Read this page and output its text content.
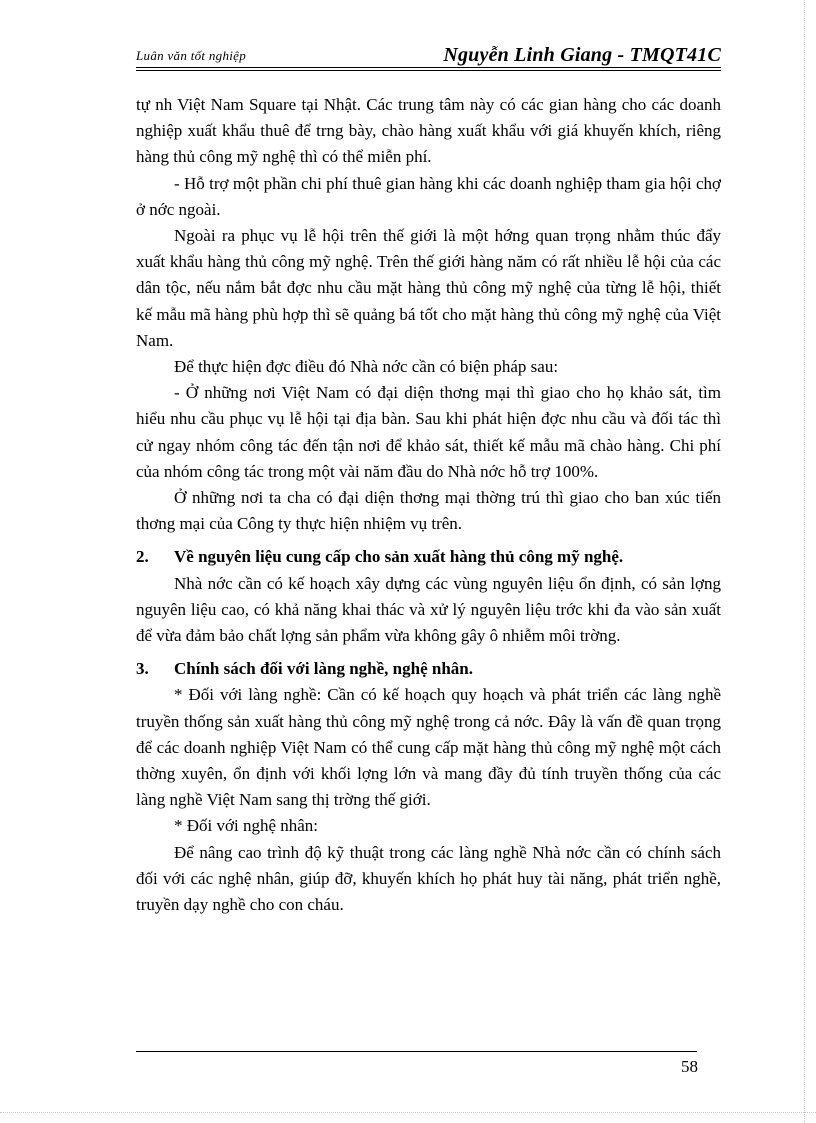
Luân văn tốt nghiệp	Nguyễn Linh Giang - TMQT41C

tự nh Việt Nam Square tại Nhật. Các trung tâm này có các gian hàng cho các doanh nghiệp xuất khẩu thuê để trng bày, chào hàng xuất khẩu với giá khuyến khích, riêng hàng thủ công mỹ nghệ thì có thể miễn phí.

- Hỗ trợ một phần chi phí thuê gian hàng khi các doanh nghiệp tham gia hội chợ ở nớc ngoài.

Ngoài ra phục vụ lễ hội trên thế giới là một hớng quan trọng nhằm thúc đẩy xuất khẩu hàng thủ công mỹ nghệ. Trên thế giới hàng năm có rất nhiều lễ hội của các dân tộc, nếu nắm bắt đợc nhu cầu mặt hàng thủ công mỹ nghệ của từng lễ hội, thiết kế mẫu mã hàng phù hợp thì sẽ quảng bá tốt cho mặt hàng thủ công mỹ nghệ của Việt Nam.

Để thực hiện đợc điều đó Nhà nớc cần có biện pháp sau:

- Ở những nơi Việt Nam có đại diện thơng mại thì giao cho họ khảo sát, tìm hiểu nhu cầu phục vụ lễ hội tại địa bàn. Sau khi phát hiện đợc nhu cầu và đối tác thì cử ngay nhóm công tác đến tận nơi để khảo sát, thiết kế mẫu mã chào hàng. Chi phí của nhóm công tác trong một vài năm đầu do Nhà nớc hỗ trợ 100%.

Ở những nơi ta cha có đại diện thơng mại thờng trú thì giao cho ban xúc tiến thơng mại của Công ty thực hiện nhiệm vụ trên.

2. Về nguyên liệu cung cấp cho sản xuất hàng thủ công mỹ nghệ.

Nhà nớc cần có kế hoạch xây dựng các vùng nguyên liệu ổn định, có sản lợng nguyên liệu cao, có khả năng khai thác và xử lý nguyên liệu trớc khi đa vào sản xuất để vừa đảm bảo chất lợng sản phẩm vừa không gây ô nhiễm môi trờng.

3. Chính sách đối với làng nghề, nghệ nhân.

* Đối với làng nghề: Cần có kế hoạch quy hoạch và phát triển các làng nghề truyền thống sản xuất hàng thủ công mỹ nghệ trong cả nớc. Đây là vấn đề quan trọng để các doanh nghiệp Việt Nam có thể cung cấp mặt hàng thủ công mỹ nghệ một cách thờng xuyên, ổn định với khối lợng lớn và mang đầy đủ tính truyền thống của các làng nghề Việt Nam sang thị trờng thế giới.

* Đối với nghệ nhân:

Để nâng cao trình độ kỹ thuật trong các làng nghề Nhà nớc cần có chính sách đối với các nghệ nhân, giúp đỡ, khuyến khích họ phát huy tài năng, phát triển nghề, truyền dạy nghề cho con cháu.

58
